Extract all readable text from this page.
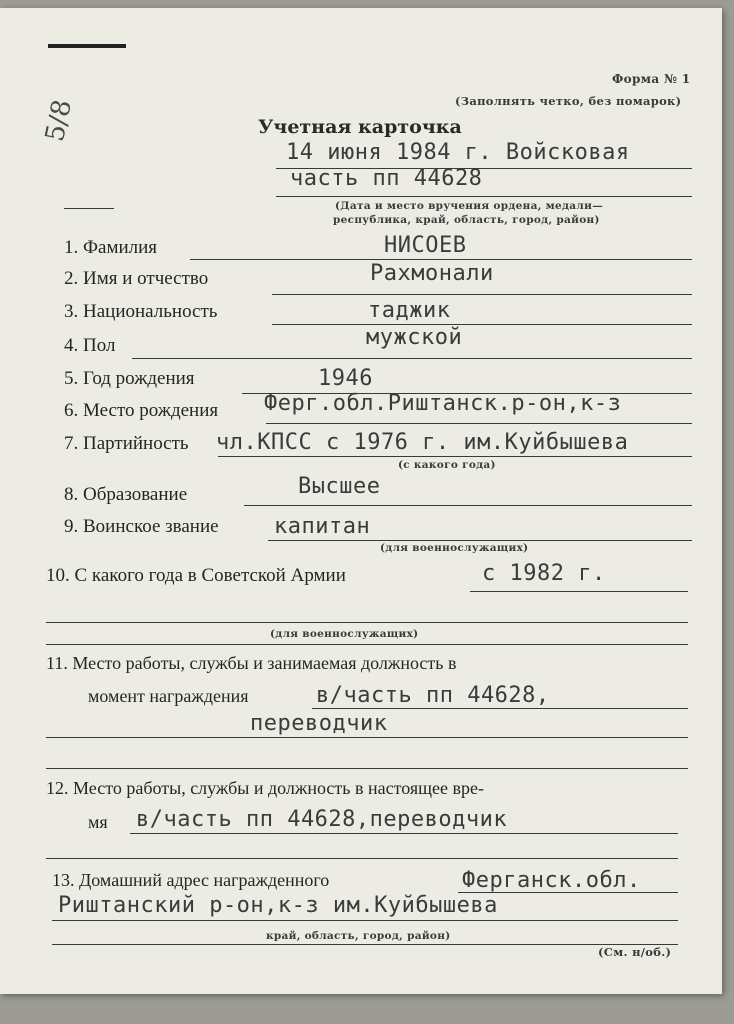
5/8
Форма № 1
(Заполнять четко, без помарок)
Учетная карточка
14 июня 1984 г. Войсковая
часть пп 44628
(Дата и место вручения ордена, медали—
республика, край, область, город, район)
1. Фамилия	НИСОЕВ
2. Имя и отчество	Рахмонали
3. Национальность	таджик
4. Пол	мужской
5. Год рождения	1946
6. Место рождения Ферг.обл.Риштанск.р-он,к-з
7. Партийность чл.КПСС с 1976 г. им.Куйбышева
(с какого года)
8. Образование	Высшее
9. Воинское звание	капитан
(для военнослужащих)
10. С какого года в Советской Армии	с 1982 г.
(для военнослужащих)
11. Место работы, службы и занимаемая должность в
момент награждения	в/часть пп 44628,
переводчик
12. Место работы, службы и должность в настоящее вре-
мя в/часть пп 44628,переводчик
13. Домашний адрес награжденного	Ферганск.обл.
Риштанский р-он,к-з им.Куйбышева
край, область, город, район)
(См. н/об.)
